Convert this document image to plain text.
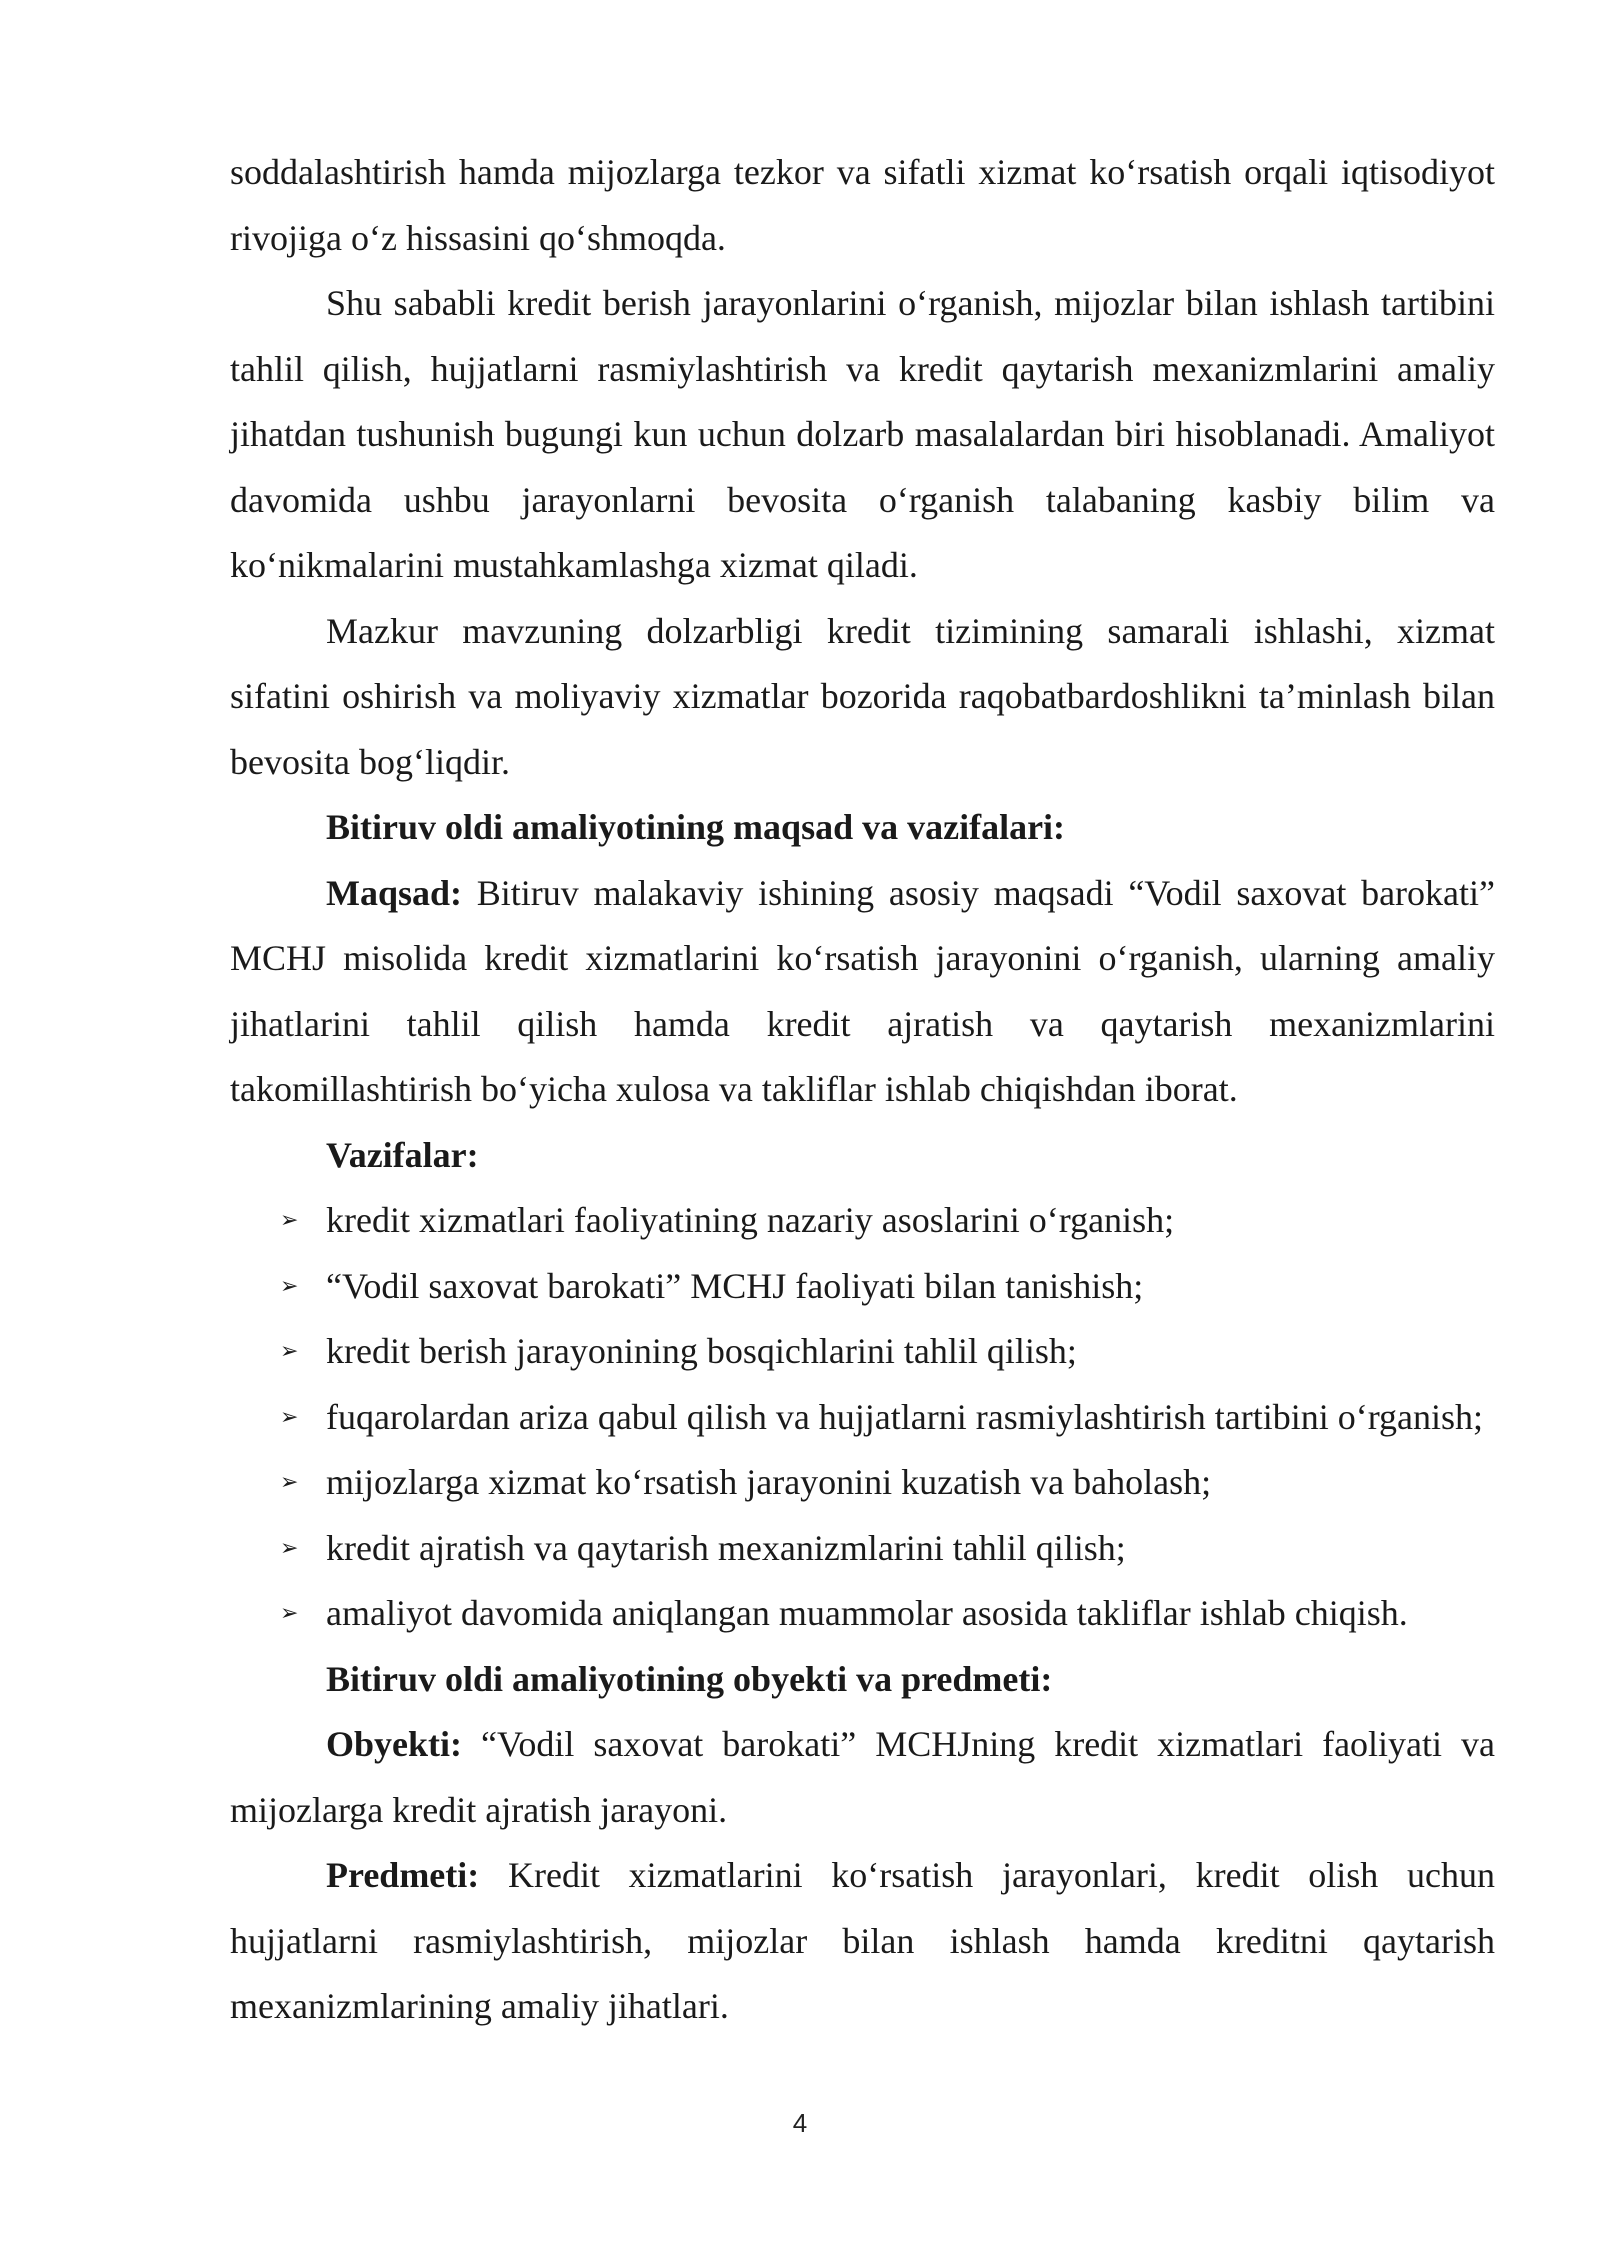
soddalashtirish hamda mijozlarga tezkor va sifatli xizmat ko‘rsatish orqali iqtisodiyot rivojiga o‘z hissasini qo‘shmoqda.

Shu sababli kredit berish jarayonlarini o‘rganish, mijozlar bilan ishlash tartibini tahlil qilish, hujjatlarni rasmiylashtirish va kredit qaytarish mexanizmlarini amaliy jihatdan tushunish bugungi kun uchun dolzarb masalalardan biri hisoblanadi. Amaliyot davomida ushbu jarayonlarni bevosita o‘rganish talabaning kasbiy bilim va ko‘nikmalarini mustahkamlashga xizmat qiladi.

Mazkur mavzuning dolzarbligi kredit tizimining samarali ishlashi, xizmat sifatini oshirish va moliyaviy xizmatlar bozorida raqobatbardoshlikni ta’minlash bilan bevosita bog‘liqdir.

Bitiruv oldi amaliyotining maqsad va vazifalari:

Maqsad: Bitiruv malakaviy ishining asosiy maqsadi “Vodil saxovat barokati” MCHJ misolida kredit xizmatlarini ko‘rsatish jarayonini o‘rganish, ularning amaliy jihatlarini tahlil qilish hamda kredit ajratish va qaytarish mexanizmlarini takomillashtirish bo‘yicha xulosa va takliflar ishlab chiqishdan iborat.

Vazifalar:

➢ kredit xizmatlari faoliyatining nazariy asoslarini o‘rganish;
➢ “Vodil saxovat barokati” MCHJ faoliyati bilan tanishish;
➢ kredit berish jarayonining bosqichlarini tahlil qilish;
➢ fuqarolardan ariza qabul qilish va hujjatlarni rasmiylashtirish tartibini o‘rganish;
➢ mijozlarga xizmat ko‘rsatish jarayonini kuzatish va baholash;
➢ kredit ajratish va qaytarish mexanizmlarini tahlil qilish;
➢ amaliyot davomida aniqlangan muammolar asosida takliflar ishlab chiqish.

Bitiruv oldi amaliyotining obyekti va predmeti:

Obyekti: “Vodil saxovat barokati” MCHJning kredit xizmatlari faoliyati va mijozlarga kredit ajratish jarayoni.

Predmeti: Kredit xizmatlarini ko‘rsatish jarayonlari, kredit olish uchun hujjatlarni rasmiylashtirish, mijozlar bilan ishlash hamda kreditni qaytarish mexanizmlarining amaliy jihatlari.

4
